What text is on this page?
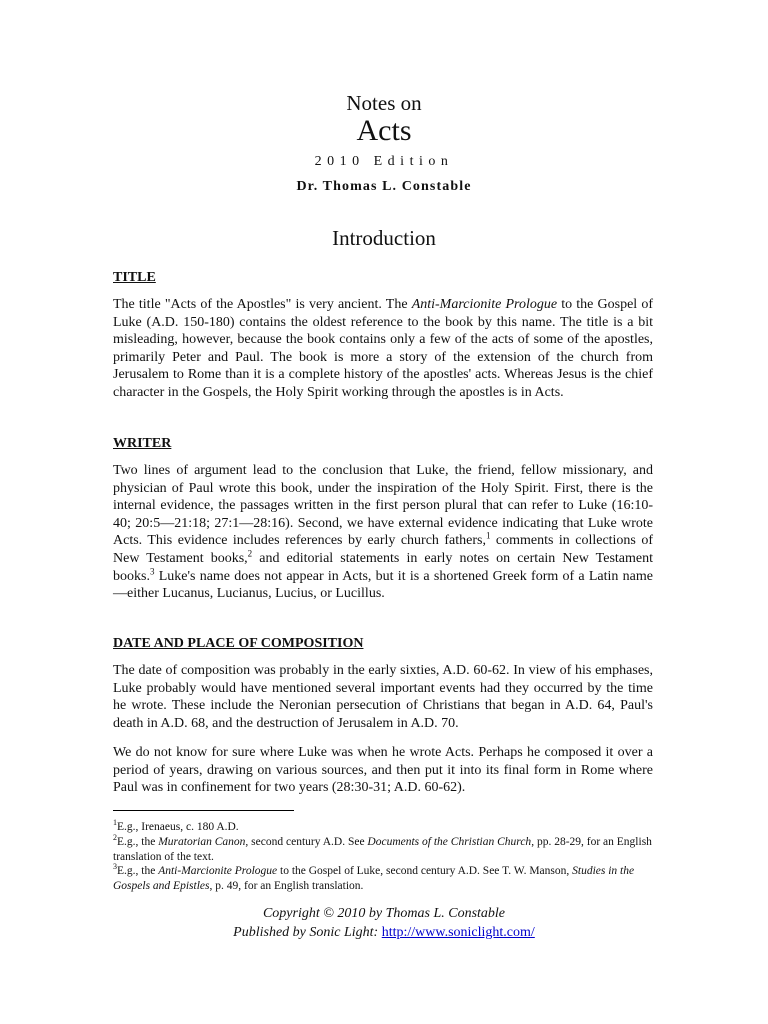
Notes on
Acts
2010 Edition
Dr. Thomas L. Constable
Introduction
TITLE
The title "Acts of the Apostles" is very ancient. The Anti-Marcionite Prologue to the Gospel of Luke (A.D. 150-180) contains the oldest reference to the book by this name. The title is a bit misleading, however, because the book contains only a few of the acts of some of the apostles, primarily Peter and Paul. The book is more a story of the extension of the church from Jerusalem to Rome than it is a complete history of the apostles' acts. Whereas Jesus is the chief character in the Gospels, the Holy Spirit working through the apostles is in Acts.
WRITER
Two lines of argument lead to the conclusion that Luke, the friend, fellow missionary, and physician of Paul wrote this book, under the inspiration of the Holy Spirit. First, there is the internal evidence, the passages written in the first person plural that can refer to Luke (16:10-40; 20:5—21:18; 27:1—28:16). Second, we have external evidence indicating that Luke wrote Acts. This evidence includes references by early church fathers,$^1$ comments in collections of New Testament books,$^2$ and editorial statements in early notes on certain New Testament books.$^3$ Luke's name does not appear in Acts, but it is a shortened Greek form of a Latin name—either Lucanus, Lucianus, Lucius, or Lucillus.
DATE AND PLACE OF COMPOSITION
The date of composition was probably in the early sixties, A.D. 60-62. In view of his emphases, Luke probably would have mentioned several important events had they occurred by the time he wrote. These include the Neronian persecution of Christians that began in A.D. 64, Paul's death in A.D. 68, and the destruction of Jerusalem in A.D. 70.
We do not know for sure where Luke was when he wrote Acts. Perhaps he composed it over a period of years, drawing on various sources, and then put it into its final form in Rome where Paul was in confinement for two years (28:30-31; A.D. 60-62).
$^1$E.g., Irenaeus, c. 180 A.D.
$^2$E.g., the Muratorian Canon, second century A.D. See Documents of the Christian Church, pp. 28-29, for an English translation of the text.
$^3$E.g., the Anti-Marcionite Prologue to the Gospel of Luke, second century A.D. See T. W. Manson, Studies in the Gospels and Epistles, p. 49, for an English translation.
Copyright © 2010 by Thomas L. Constable
Published by Sonic Light: http://www.soniclight.com/
